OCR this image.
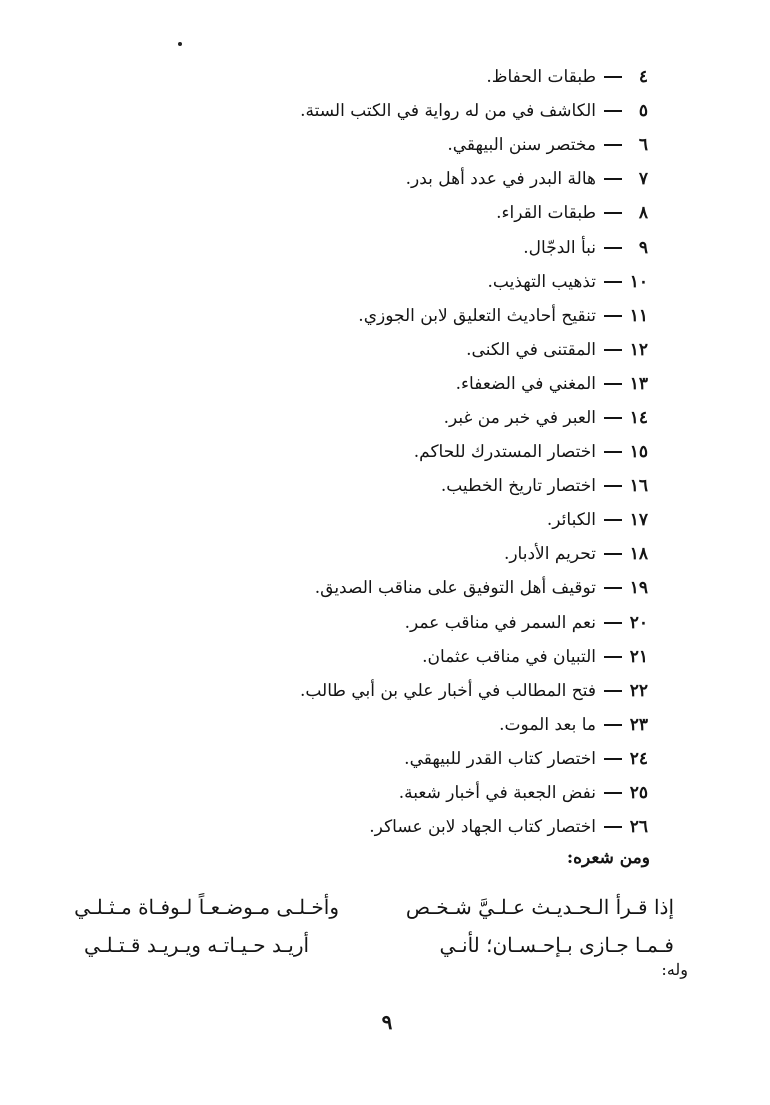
٤
طبقات الحفاظ.
٥
الكاشف في من له رواية في الكتب الستة.
٦
مختصر سنن البيهقي.
٧
هالة البدر في عدد أهل بدر.
٨
طبقات القراء.
٩
نبأ الدجّال.
١٠
تذهيب التهذيب.
١١
تنقيح أحاديث التعليق لابن الجوزي.
١٢
المقتنى في الكنى.
١٣
المغني في الضعفاء.
١٤
العبر في خبر من غبر.
١٥
اختصار المستدرك للحاكم.
١٦
اختصار تاريخ الخطيب.
١٧
الكبائر.
١٨
تحريم الأدبار.
١٩
توقيف أهل التوفيق على مناقب الصديق.
٢٠
نعم السمر في مناقب عمر.
٢١
التبيان في مناقب عثمان.
٢٢
فتح المطالب في أخبار علي بن أبي طالب.
٢٣
ما بعد الموت.
٢٤
اختصار كتاب القدر للبيهقي.
٢٥
نفض الجعبة في أخبار شعبة.
٢٦
اختصار كتاب الجهاد لابن عساكر.
ومن شعره:
إذا قـرأ الـحـديـث عـلـيَّ شـخـص
وأخـلـى مـوضـعـاً لـوفـاة مـثـلـي
فـمـا جـازى بـإحـسـان؛ لأنـي
أريـد حـيـاتـه ويـريـد قـتـلـي
وله:
٩
